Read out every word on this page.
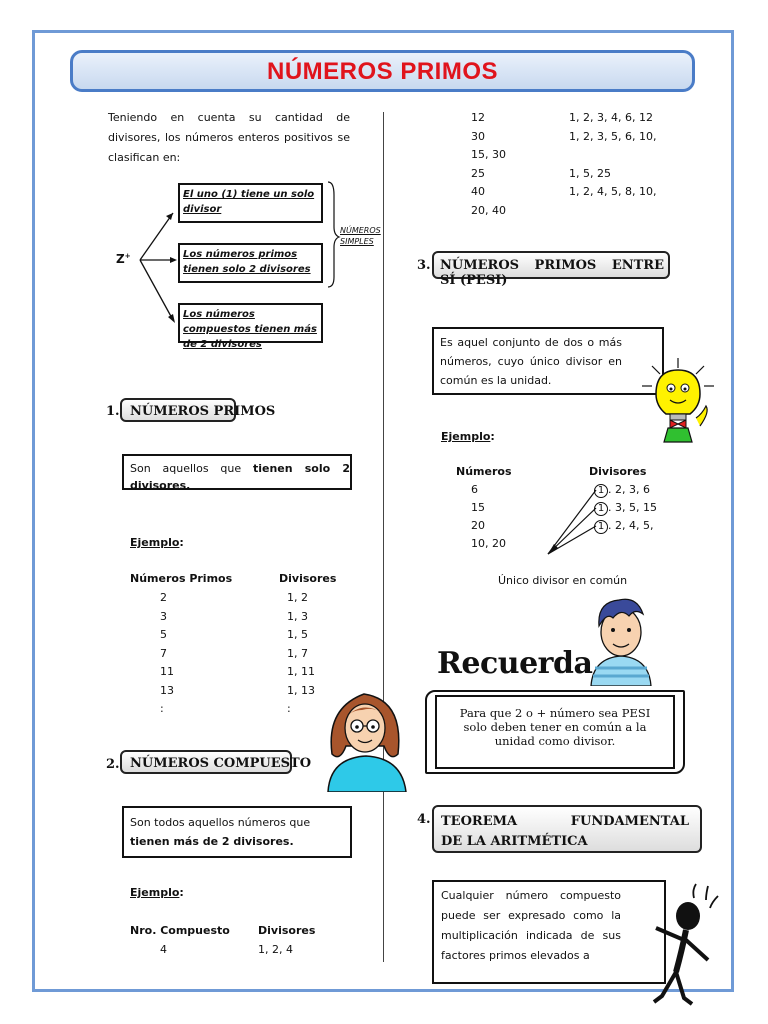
NÚMEROS PRIMOS
Teniendo en cuenta su cantidad de divisores, los números enteros positivos se clasifican en:
Z+
El uno (1) tiene un solo divisor
Los números primos tienen solo 2 divisores
Los números compuestos tienen más de 2 divisores
NÚMEROS
SIMPLES
1. NÚMEROS PRIMOS
Son aquellos que tienen solo 2 divisores.
Ejemplo:
Números Primos	Divisores
2	1, 2
3	1, 3
5	1, 5
7	1, 7
11	1, 11
13	1, 13
:	:
2. NÚMEROS COMPUESTO
Son todos aquellos números que
tienen más de 2 divisores.
Ejemplo:
Nro. Compuesto	Divisores
4	1, 2, 4
12	1, 2, 3, 4, 6, 12
30	1, 2, 3, 5, 6, 10,
15, 30
25	1, 5, 25
40	1, 2, 4, 5, 8, 10,
20, 40
3. NÚMEROS PRIMOS ENTRE
SÍ (PESI)
Es aquel conjunto de dos o más números, cuyo único divisor en común es la unidad.
Ejemplo:
Números	Divisores
6	1 . 2, 3, 6
15	1 . 3, 5, 15
20	1 . 2, 4, 5,
10, 20
Único divisor en común
Recuerda
Para que 2 o + número sea PESI solo deben tener en común a la unidad como divisor.
4. TEOREMA FUNDAMENTAL
DE LA ARITMÉTICA
Cualquier número compuesto puede ser expresado como la multiplicación indicada de sus factores primos elevados a
